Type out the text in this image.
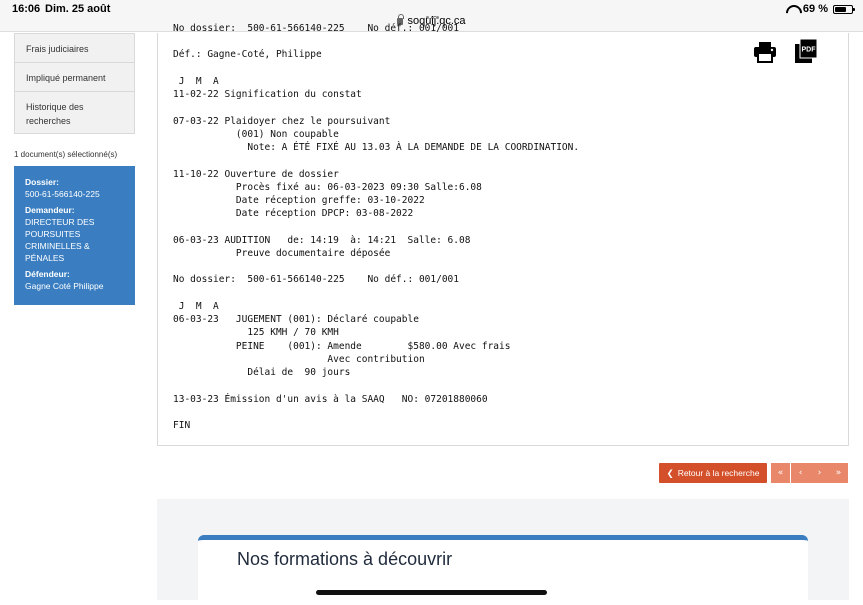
16:06 Dim. 25 août
soquij.qc.ca
69 %
Frais judiciaires
Impliqué permanent
Historique des recherches
1 document(s) sélectionné(s)
Dossier:
500-61-566140-225
Demandeur:
DIRECTEUR DES POURSUITES CRIMINELLES & PÉNALES
Défendeur:
Gagne Coté Philippe
No dossier:  500-61-566140-225    No déf.: 001/001

Déf.: Gagne-Coté, Philippe

J  M  A
11-02-22 Signification du constat

07-03-22 Plaidoyer chez le poursuivant
(001) Non coupable
Note: A ÉTÉ FIXÉ AU 13.03 À LA DEMANDE DE LA COORDINATION.

11-10-22 Ouverture de dossier
Procès fixé au: 06-03-2023 09:30 Salle:6.08
Date réception greffe: 03-10-2022
Date réception DPCP: 03-08-2022

06-03-23 AUDITION   de: 14:19  à: 14:21  Salle: 6.08
Preuve documentaire déposée

No dossier:  500-61-566140-225    No déf.: 001/001

J  M  A
06-03-23   JUGEMENT (001): Déclaré coupable
125 KMH / 70 KMH
PEINE    (001): Amende        $580.00 Avec frais
Avec contribution
Délai de  90 jours

13-03-23 Émission d'un avis à la SAAQ   NO: 07201880060

FIN
PDF
❮ Retour à la recherche	«	‹	›	»
Nos formations à découvrir
